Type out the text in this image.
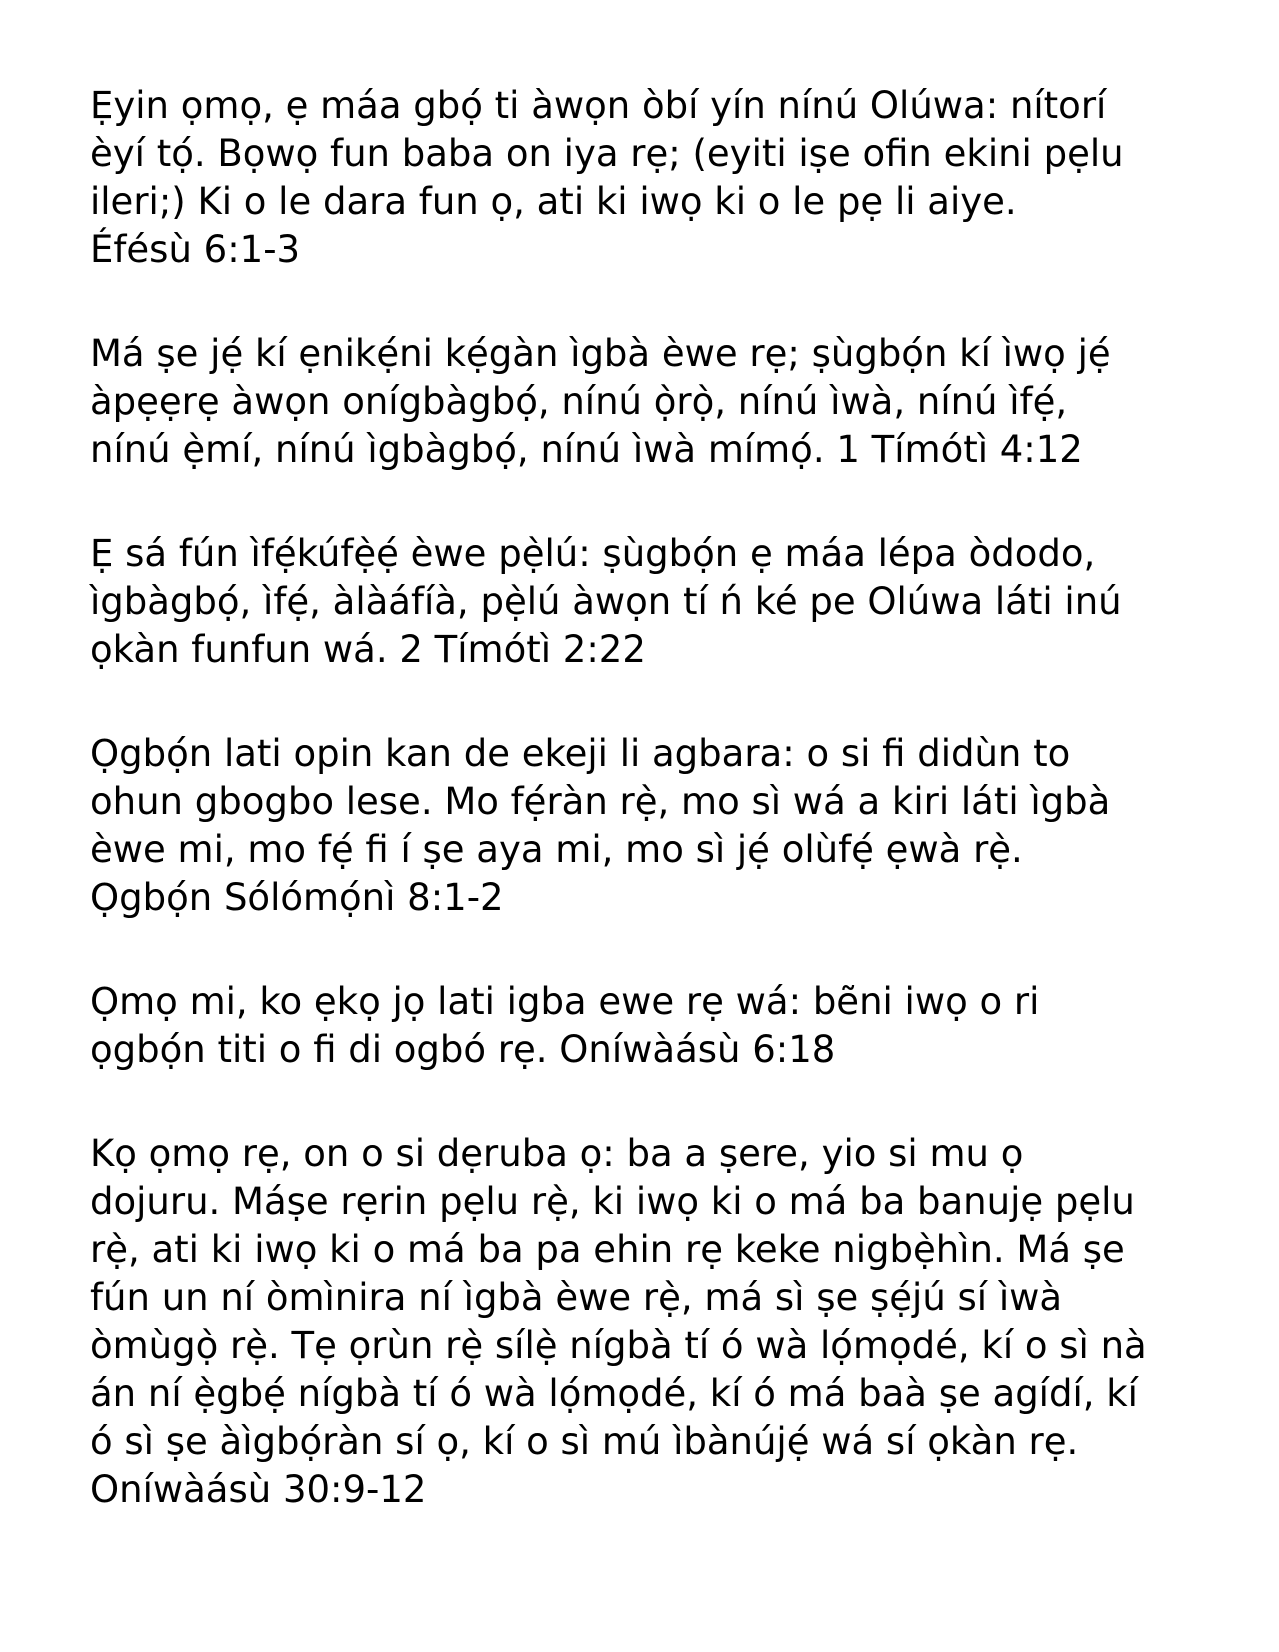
Ẹyin ọmọ, ẹ máa gbọ́ ti àwọn òbí yín nínú Olúwa: nítorí
èyí tọ́. Bọwọ fun baba on iya rẹ; (eyiti iṣe ofin ekini pẹlu
ileri;) Ki o le dara fun ọ, ati ki iwọ ki o le pẹ li aiye.
Éfésù 6:1-3
Má ṣe jẹ́ kí ẹnikẹ́ni kẹ́gàn ìgbà èwe rẹ; ṣùgbọ́n kí ìwọ jẹ́
àpẹẹrẹ àwọn onígbàgbọ́, nínú ọ̀rọ̀, nínú ìwà, nínú ìfẹ́,
nínú ẹ̀mí, nínú ìgbàgbọ́, nínú ìwà mímọ́. 1 Tímótì 4:12
Ẹ sá fún ìfẹ́kúfẹ̀ẹ́ èwe pẹ̀lú: ṣùgbọ́n ẹ máa lépa òdodo,
ìgbàgbọ́, ìfẹ́, àlàáfíà, pẹ̀lú àwọn tí ń ké pe Olúwa láti inú
ọkàn funfun wá. 2 Tímótì 2:22
Ọgbọ́n lati opin kan de ekeji li agbara: o si fi didùn to
ohun gbogbo lese. Mo fẹ́ràn rẹ̀, mo sì wá a kiri láti ìgbà
èwe mi, mo fẹ́ fi í ṣe aya mi, mo sì jẹ́ olùfẹ́ ẹwà rẹ̀.
Ọgbọ́n Sólómọ́nì 8:1-2
Ọmọ mi, ko ẹkọ jọ lati igba ewe rẹ wá: bẽni iwọ o ri
ọgbọ́n titi o fi di ogbó rẹ. Oníwàásù 6:18
Kọ ọmọ rẹ, on o si dẹruba ọ: ba a ṣere, yio si mu ọ
dojuru. Máṣe rẹrin pẹlu rẹ̀, ki iwọ ki o má ba banujẹ pẹlu
rẹ̀, ati ki iwọ ki o má ba pa ehin rẹ keke nigbẹ̀hìn. Má ṣe
fún un ní òmìnira ní ìgbà èwe rẹ̀, má sì ṣe ṣẹ́jú sí ìwà
òmùgọ̀ rẹ̀. Tẹ ọrùn rẹ̀ sílẹ̀ nígbà tí ó wà lọ́mọdé, kí o sì nà
án ní ẹ̀gbẹ́ nígbà tí ó wà lọ́mọdé, kí ó má baà ṣe agídí, kí
ó sì ṣe àìgbọ́ràn sí ọ, kí o sì mú ìbànújẹ́ wá sí ọkàn rẹ.
Oníwàásù 30:9-12
